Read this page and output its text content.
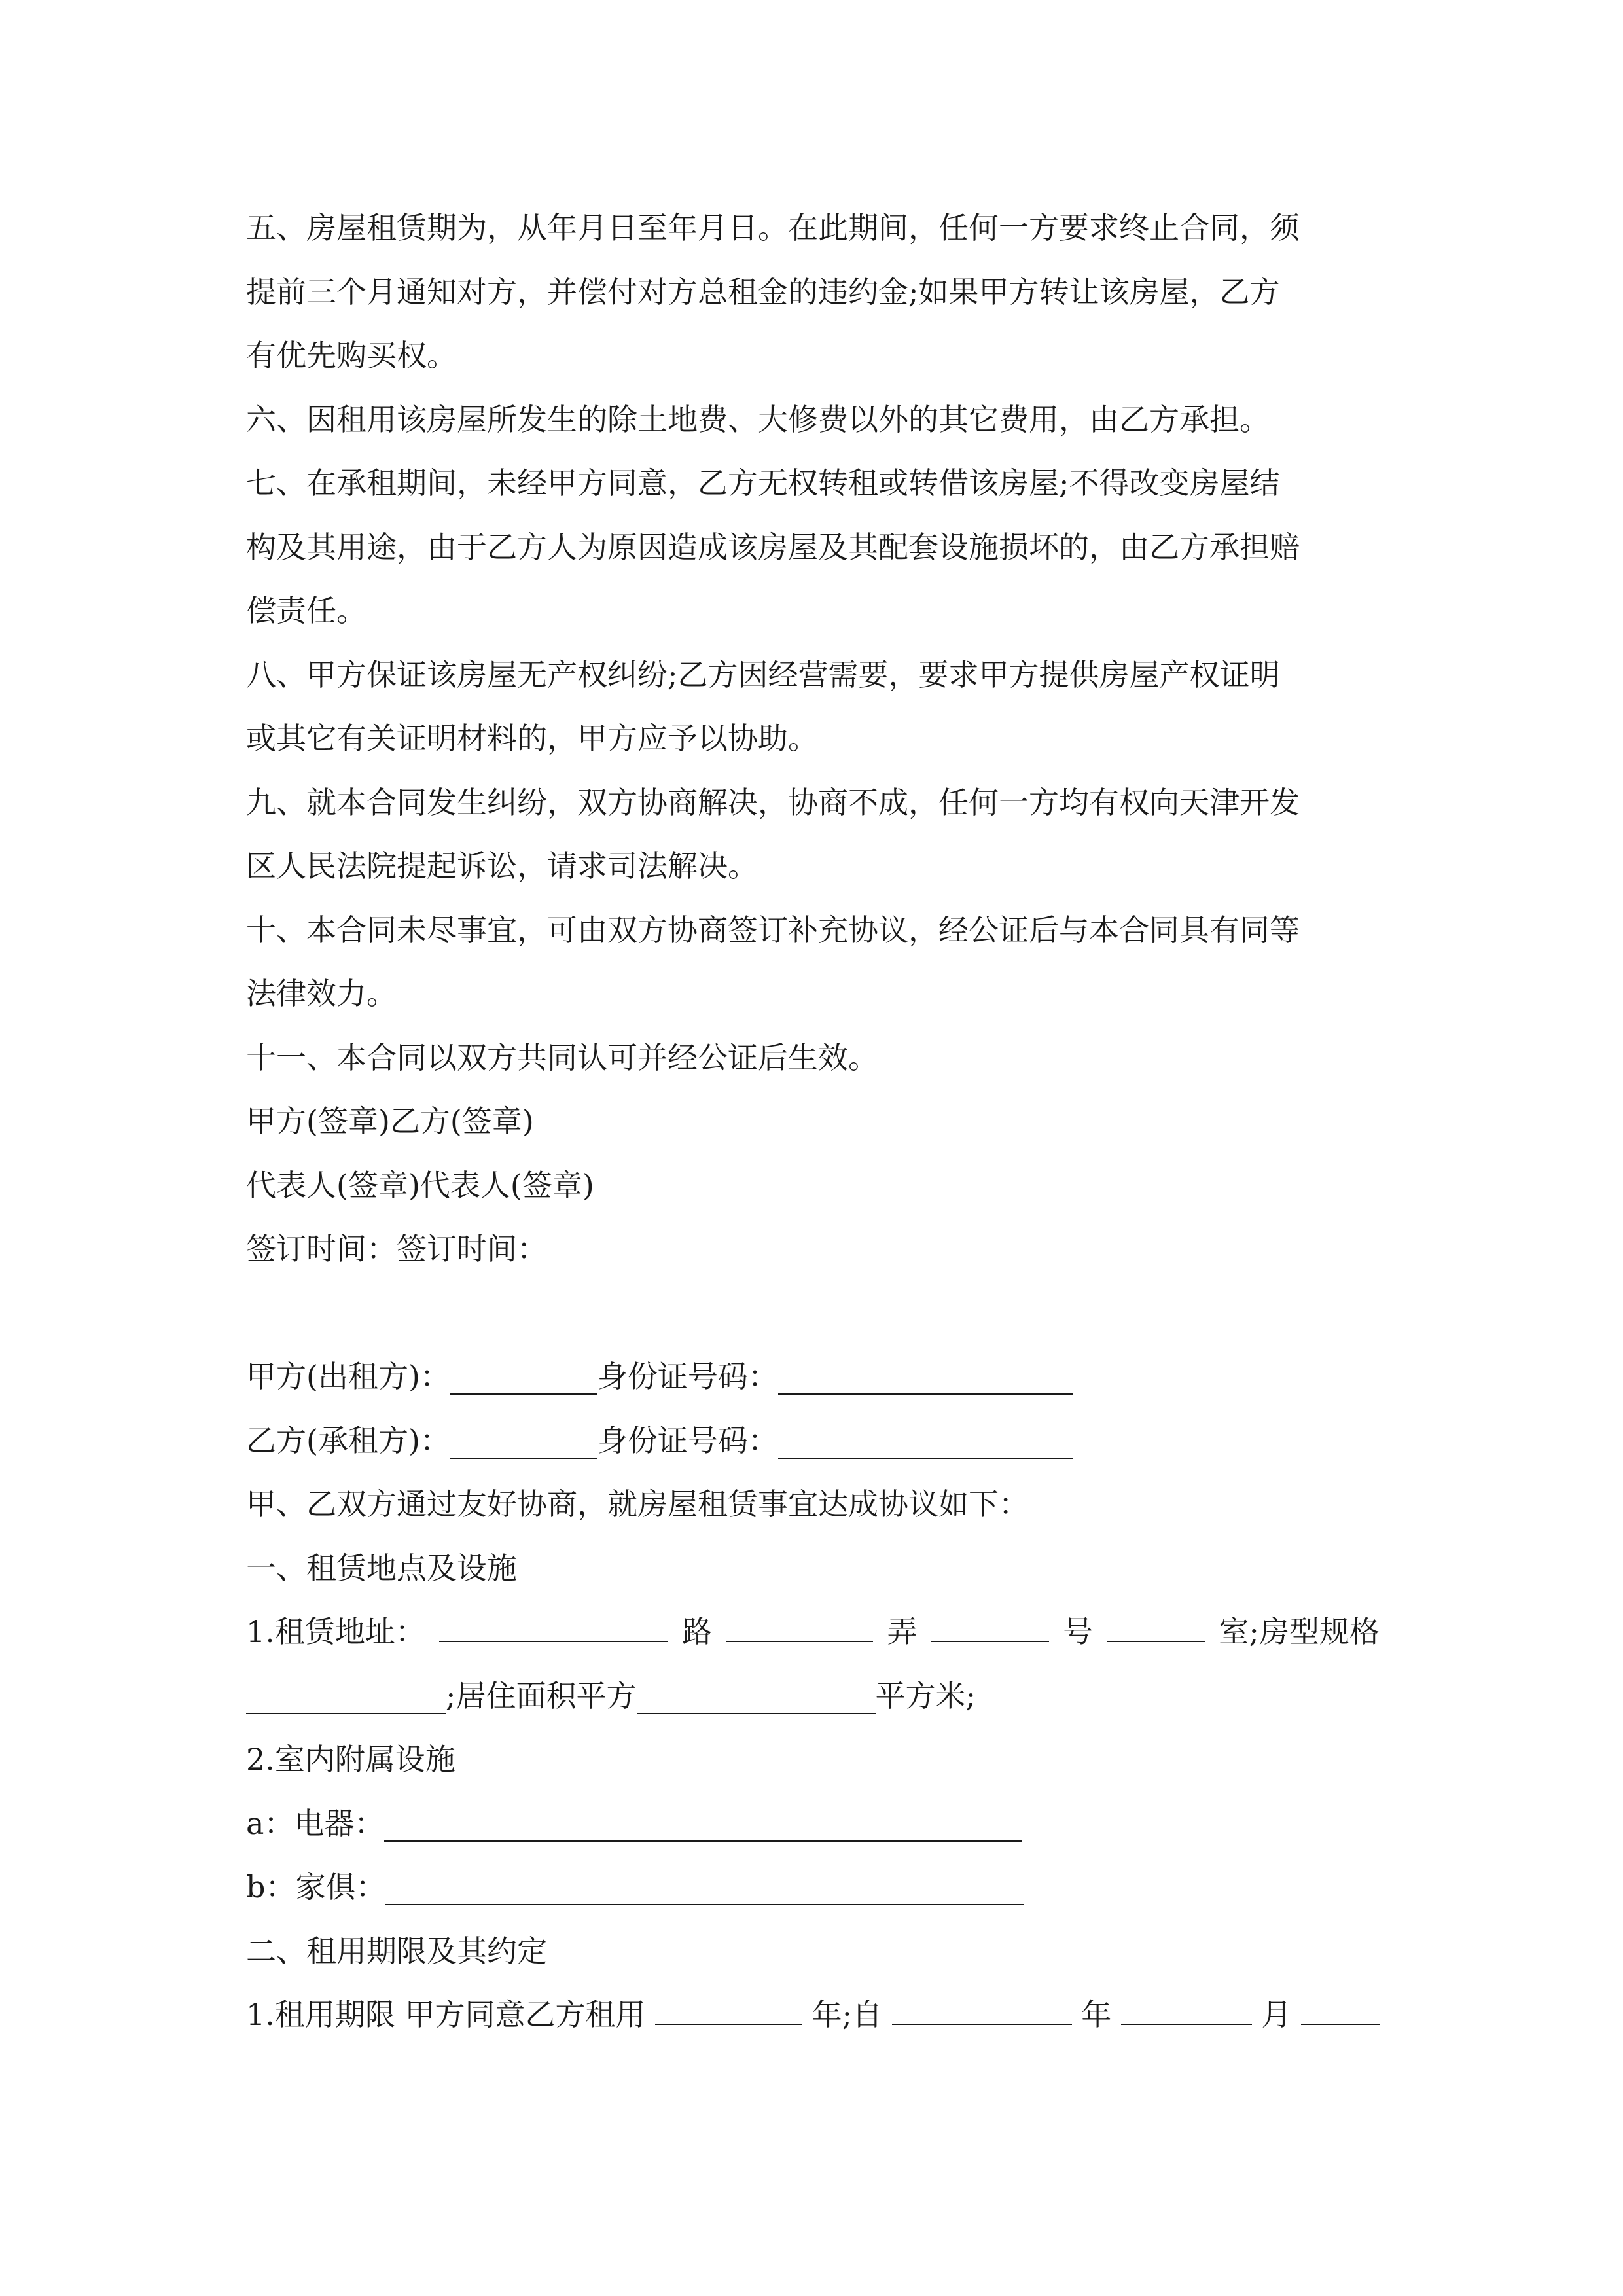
五、房屋租赁期为，从年月日至年月日。在此期间，任何一方要求终止合同，须
提前三个月通知对方，并偿付对方总租金的违约金;如果甲方转让该房屋，乙方
有优先购买权。
六、因租用该房屋所发生的除土地费、大修费以外的其它费用，由乙方承担。
七、在承租期间，未经甲方同意，乙方无权转租或转借该房屋;不得改变房屋结
构及其用途，由于乙方人为原因造成该房屋及其配套设施损坏的，由乙方承担赔
偿责任。
八、甲方保证该房屋无产权纠纷;乙方因经营需要，要求甲方提供房屋产权证明
或其它有关证明材料的，甲方应予以协助。
九、就本合同发生纠纷，双方协商解决，协商不成，任何一方均有权向天津开发
区人民法院提起诉讼，请求司法解决。
十、本合同未尽事宜，可由双方协商签订补充协议，经公证后与本合同具有同等
法律效力。
十一、本合同以双方共同认可并经公证后生效。
甲方(签章)乙方(签章)
代表人(签章)代表人(签章)
签订时间：签订时间：
甲方(出租方)：	身份证号码：
乙方(承租方)：	身份证号码：
甲、乙双方通过友好协商，就房屋租赁事宜达成协议如下：
一、租赁地点及设施
1.租赁地址：	路	弄	号	室;房型规格
;居住面积平方	平方米;
2.室内附属设施
a：电器：
b：家俱：
二、租用期限及其约定
1.租用期限 甲方同意乙方租用	年;自	年	月
